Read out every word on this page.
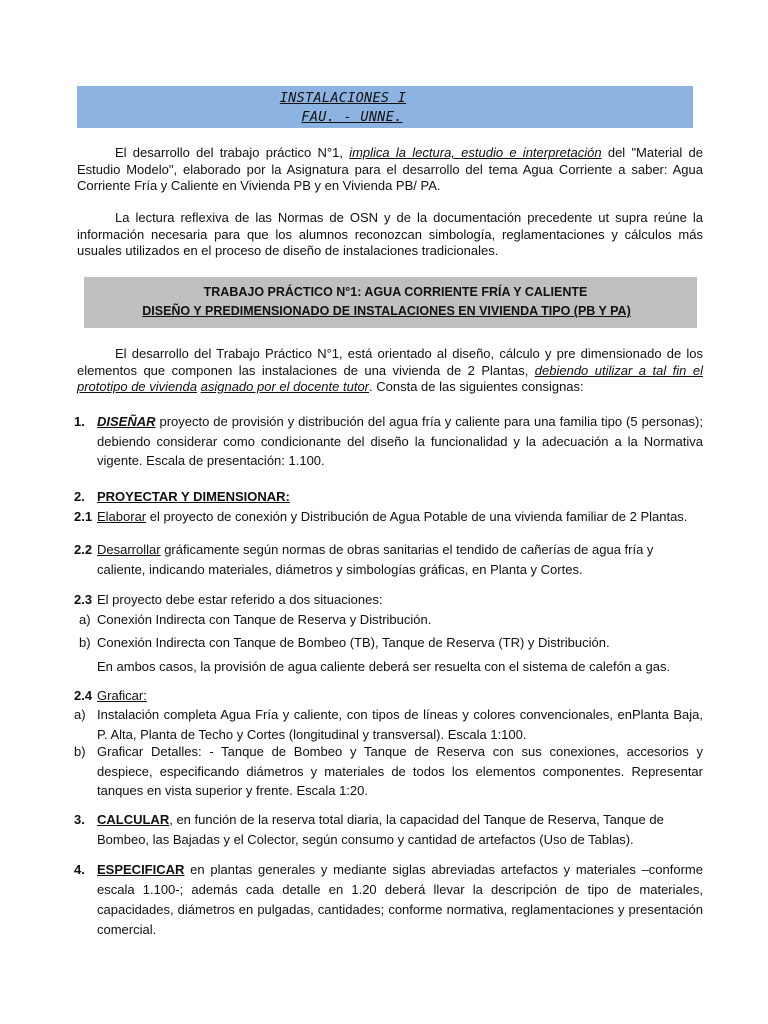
INSTALACIONES I
FAU. - UNNE.
El desarrollo del trabajo práctico N°1, implica la lectura, estudio e interpretación del "Material de Estudio Modelo", elaborado por la Asignatura para el desarrollo del tema Agua Corriente a saber: Agua Corriente Fría y Caliente en Vivienda PB y en Vivienda PB/ PA.
La lectura reflexiva de las Normas de OSN y de la documentación precedente ut supra reúne la información necesaria para que los alumnos reconozcan simbología, reglamentaciones y cálculos más usuales utilizados en el proceso de diseño de instalaciones tradicionales.
TRABAJO PRÁCTICO N°1: AGUA CORRIENTE FRÍA Y CALIENTE
DISEÑO Y PREDIMENSIONADO DE INSTALACIONES EN VIVIENDA TIPO (PB Y PA)
El desarrollo del Trabajo Práctico N°1, está orientado al diseño, cálculo y pre dimensionado de los elementos que componen las instalaciones de una vivienda de 2 Plantas, debiendo utilizar a tal fin el prototipo de vivienda asignado por el docente tutor. Consta de las siguientes consignas:
1. DISEÑAR proyecto de provisión y distribución del agua fría y caliente para una familia tipo (5 personas); debiendo considerar como condicionante del diseño la funcionalidad y la adecuación a la Normativa vigente. Escala de presentación: 1.100.
2. PROYECTAR Y DIMENSIONAR:
2.1 Elaborar el proyecto de conexión y Distribución de Agua Potable de una vivienda familiar de 2 Plantas.
2.2 Desarrollar gráficamente según normas de obras sanitarias el tendido de cañerías de agua fría y caliente, indicando materiales, diámetros y simbologías gráficas, en Planta y Cortes.
2.3 El proyecto debe estar referido a dos situaciones:
a) Conexión Indirecta con Tanque de Reserva y Distribución.
b) Conexión Indirecta con Tanque de Bombeo (TB), Tanque de Reserva (TR) y Distribución.
En ambos casos, la provisión de agua caliente deberá ser resuelta con el sistema de calefón a gas.
2.4 Graficar:
a) Instalación completa Agua Fría y caliente, con tipos de líneas y colores convencionales, enPlanta Baja, P. Alta, Planta de Techo y Cortes (longitudinal y transversal). Escala 1:100.
b) Graficar Detalles: - Tanque de Bombeo y Tanque de Reserva con sus conexiones, accesorios y despiece, especificando diámetros y materiales de todos los elementos componentes. Representar tanques en vista superior y frente. Escala 1:20.
3. CALCULAR, en función de la reserva total diaria, la capacidad del Tanque de Reserva, Tanque de Bombeo, las Bajadas y el Colector, según consumo y cantidad de artefactos (Uso de Tablas).
4. ESPECIFICAR en plantas generales y mediante siglas abreviadas artefactos y materiales –conforme escala 1.100-; además cada detalle en 1.20 deberá llevar la descripción de tipo de materiales, capacidades, diámetros en pulgadas, cantidades; conforme normativa, reglamentaciones y presentación comercial.
